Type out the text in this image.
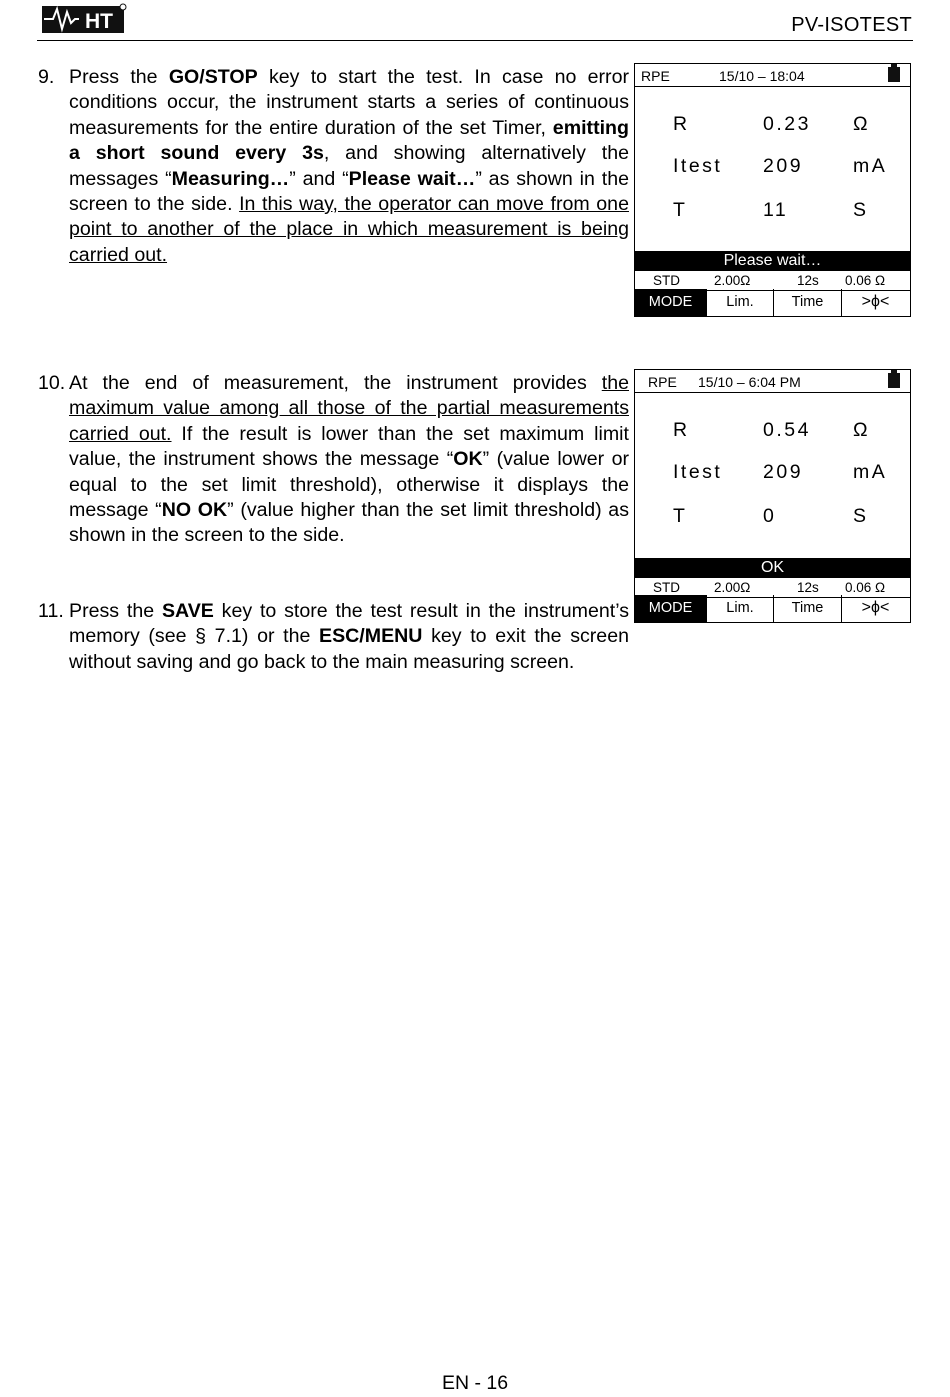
HT	PV-ISOTEST
9. Press the GO/STOP key to start the test. In case no error conditions occur, the instrument starts a series of continuous measurements for the entire duration of the set Timer, emitting a short sound every 3s, and showing alternatively the messages “Measuring…” and “Please wait…” as shown in the screen to the side. In this way, the operator can move from one point to another of the place in which measurement is being carried out.
10. At the end of measurement, the instrument provides the maximum value among all those of the partial measurements carried out. If the result is lower than the set maximum limit value, the instrument shows the message “OK” (value lower or equal to the set limit threshold), otherwise it displays the message “NO OK” (value higher than the set limit threshold) as shown in the screen to the side.
11. Press the SAVE key to store the test result in the instrument’s memory (see § 7.1) or the ESC/MENU key to exit the screen without saving and go back to the main measuring screen.
RPE	15/10 – 18:04
R	0.23 Ω
Itest 209	mA
T	11	S
Please wait…
STD	2.00Ω	12s 0.06 Ω
MODE	Lim.	Time	>ϕ<
RPE 15/10 – 6:04 PM
R	0.54 Ω
Itest 209	mA
T	0	S
OK
STD	2.00Ω	12s 0.06 Ω
MODE	Lim.	Time	>ϕ<
EN - 16
